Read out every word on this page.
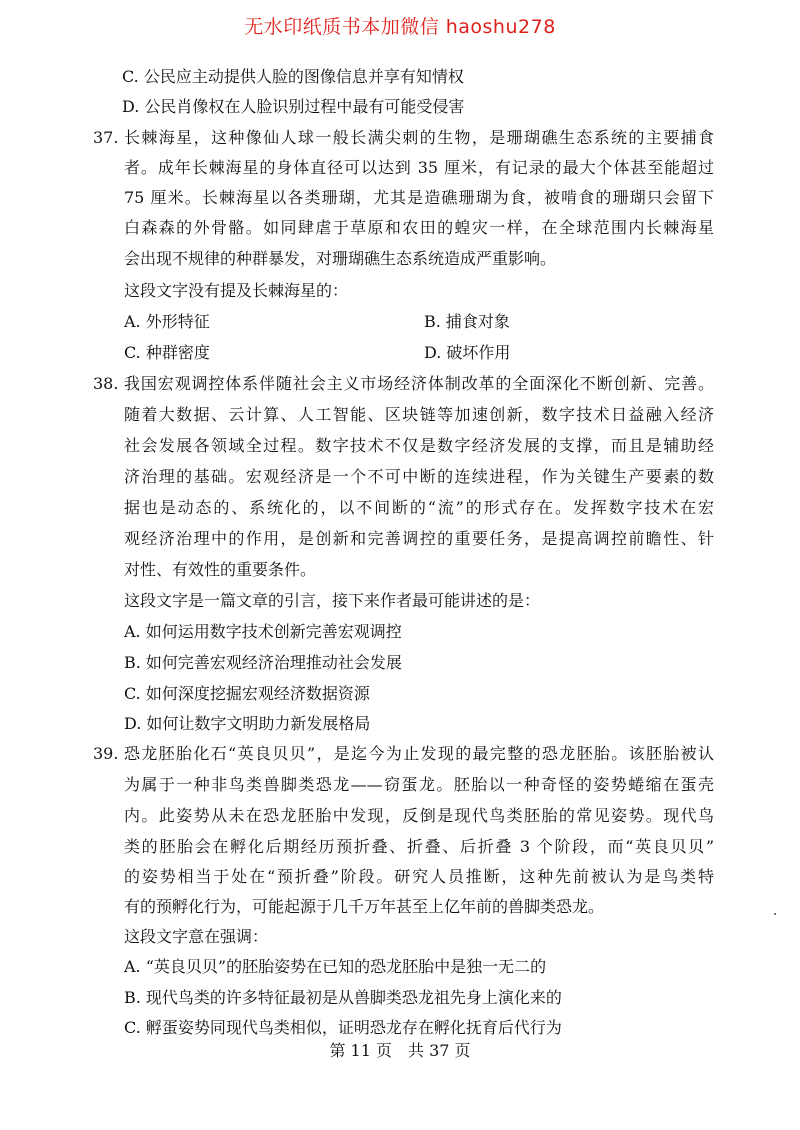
无水印纸质书本加微信 haoshu278
C. 公民应主动提供人脸的图像信息并享有知情权
D. 公民肖像权在人脸识别过程中最有可能受侵害
37. 长棘海星，这种像仙人球一般长满尖刺的生物，是珊瑚礁生态系统的主要捕食
者。成年长棘海星的身体直径可以达到 35 厘米，有记录的最大个体甚至能超过
75 厘米。长棘海星以各类珊瑚，尤其是造礁珊瑚为食，被啃食的珊瑚只会留下
白森森的外骨骼。如同肆虐于草原和农田的蝗灾一样，在全球范围内长棘海星
会出现不规律的种群暴发，对珊瑚礁生态系统造成严重影响。
这段文字没有提及长棘海星的：
A. 外形特征	B. 捕食对象
C. 种群密度	D. 破坏作用
38. 我国宏观调控体系伴随社会主义市场经济体制改革的全面深化不断创新、完善。
随着大数据、云计算、人工智能、区块链等加速创新，数字技术日益融入经济
社会发展各领域全过程。数字技术不仅是数字经济发展的支撑，而且是辅助经
济治理的基础。宏观经济是一个不可中断的连续进程，作为关键生产要素的数
据也是动态的、系统化的，以不间断的“流”的形式存在。发挥数字技术在宏
观经济治理中的作用，是创新和完善调控的重要任务，是提高调控前瞻性、针
对性、有效性的重要条件。
这段文字是一篇文章的引言，接下来作者最可能讲述的是：
A. 如何运用数字技术创新完善宏观调控
B. 如何完善宏观经济治理推动社会发展
C. 如何深度挖掘宏观经济数据资源
D. 如何让数字文明助力新发展格局
39. 恐龙胚胎化石“英良贝贝”，是迄今为止发现的最完整的恐龙胚胎。该胚胎被认
为属于一种非鸟类兽脚类恐龙——窃蛋龙。胚胎以一种奇怪的姿势蜷缩在蛋壳
内。此姿势从未在恐龙胚胎中发现，反倒是现代鸟类胚胎的常见姿势。现代鸟
类的胚胎会在孵化后期经历预折叠、折叠、后折叠 3 个阶段，而“英良贝贝”
的姿势相当于处在“预折叠”阶段。研究人员推断，这种先前被认为是鸟类特
有的预孵化行为，可能起源于几千万年甚至上亿年前的兽脚类恐龙。
这段文字意在强调：
A. “英良贝贝”的胚胎姿势在已知的恐龙胚胎中是独一无二的
B. 现代鸟类的许多特征最初是从兽脚类恐龙祖先身上演化来的
C. 孵蛋姿势同现代鸟类相似，证明恐龙存在孵化抚育后代行为
第 11 页　共 37 页
